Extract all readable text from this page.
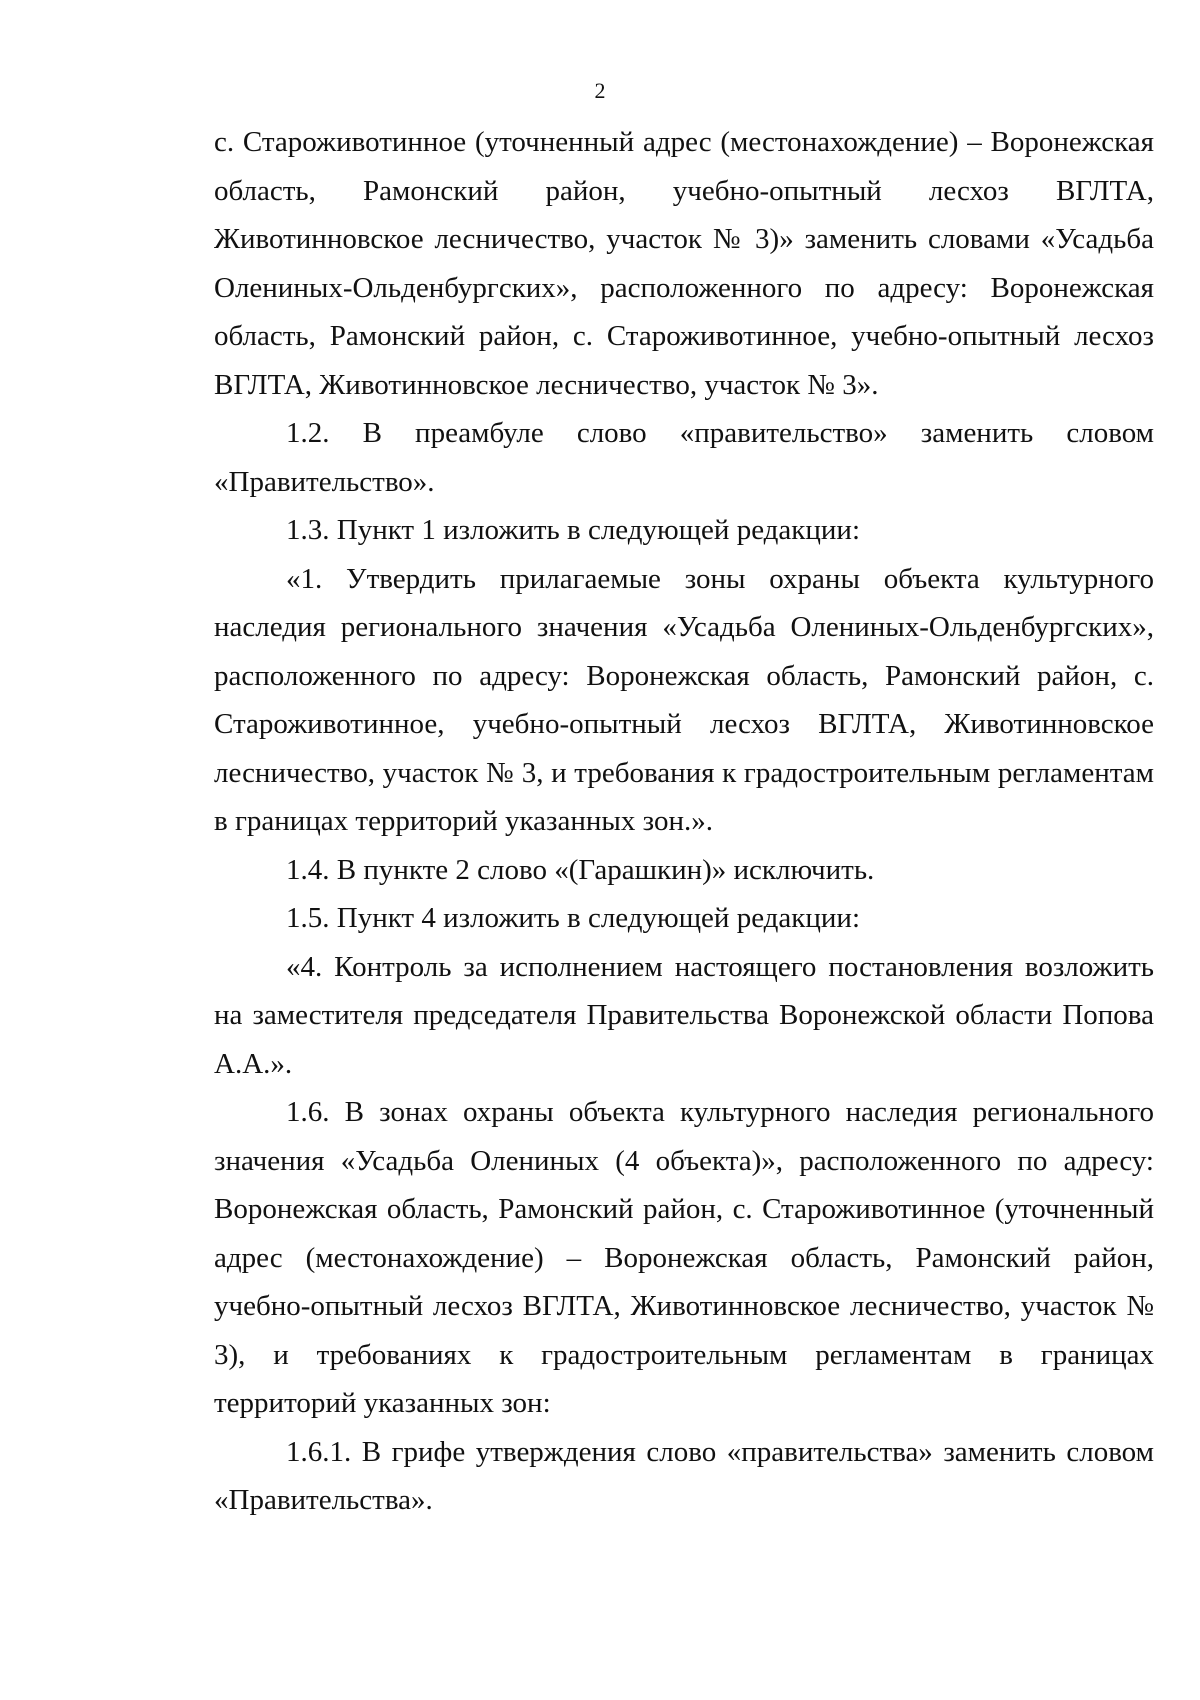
2

с. Староживотинное (уточненный адрес (местонахождение) – Воронежская область, Рамонский район, учебно-опытный лесхоз ВГЛТА, Животинновское лесничество, участок № 3)» заменить словами «Усадьба Олениных-Ольденбургских», расположенного по адресу: Воронежская область, Рамонский район, с. Староживотинное, учебно-опытный лесхоз ВГЛТА, Животинновское лесничество, участок № 3».

1.2. В преамбуле слово «правительство» заменить словом «Правительство».

1.3. Пункт 1 изложить в следующей редакции:

«1. Утвердить прилагаемые зоны охраны объекта культурного наследия регионального значения «Усадьба Олениных-Ольденбургских», расположенного по адресу: Воронежская область, Рамонский район, с. Староживотинное, учебно-опытный лесхоз ВГЛТА, Животинновское лесничество, участок № 3, и требования к градостроительным регламентам в границах территорий указанных зон.».

1.4. В пункте 2 слово «(Гарашкин)» исключить.

1.5. Пункт 4 изложить в следующей редакции:

«4. Контроль за исполнением настоящего постановления возложить на заместителя председателя Правительства Воронежской области Попова А.А.».

1.6. В зонах охраны объекта культурного наследия регионального значения «Усадьба Олениных (4 объекта)», расположенного по адресу: Воронежская область, Рамонский район, с. Староживотинное (уточненный адрес (местонахождение) – Воронежская область, Рамонский район, учебно-опытный лесхоз ВГЛТА, Животинновское лесничество, участок № 3), и требованиях к градостроительным регламентам в границах территорий указанных зон:

1.6.1. В грифе утверждения слово «правительства» заменить словом «Правительства».
